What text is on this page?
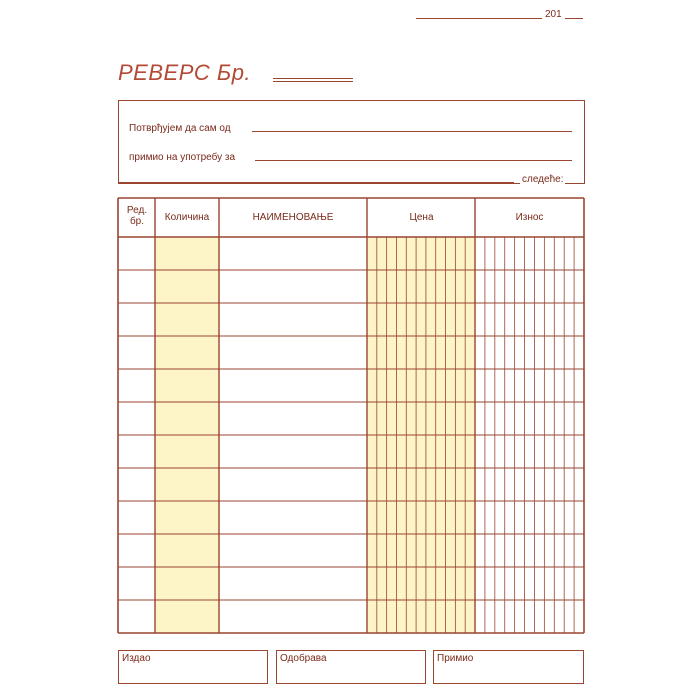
201
РЕВЕРС Бр.
Потврђујем да сам од
примио на употребу за
следеће:
Ред. бр.	Количина	НАИМЕНОВАЊЕ	Цена	Износ
Издао	Одобрава	Примио
